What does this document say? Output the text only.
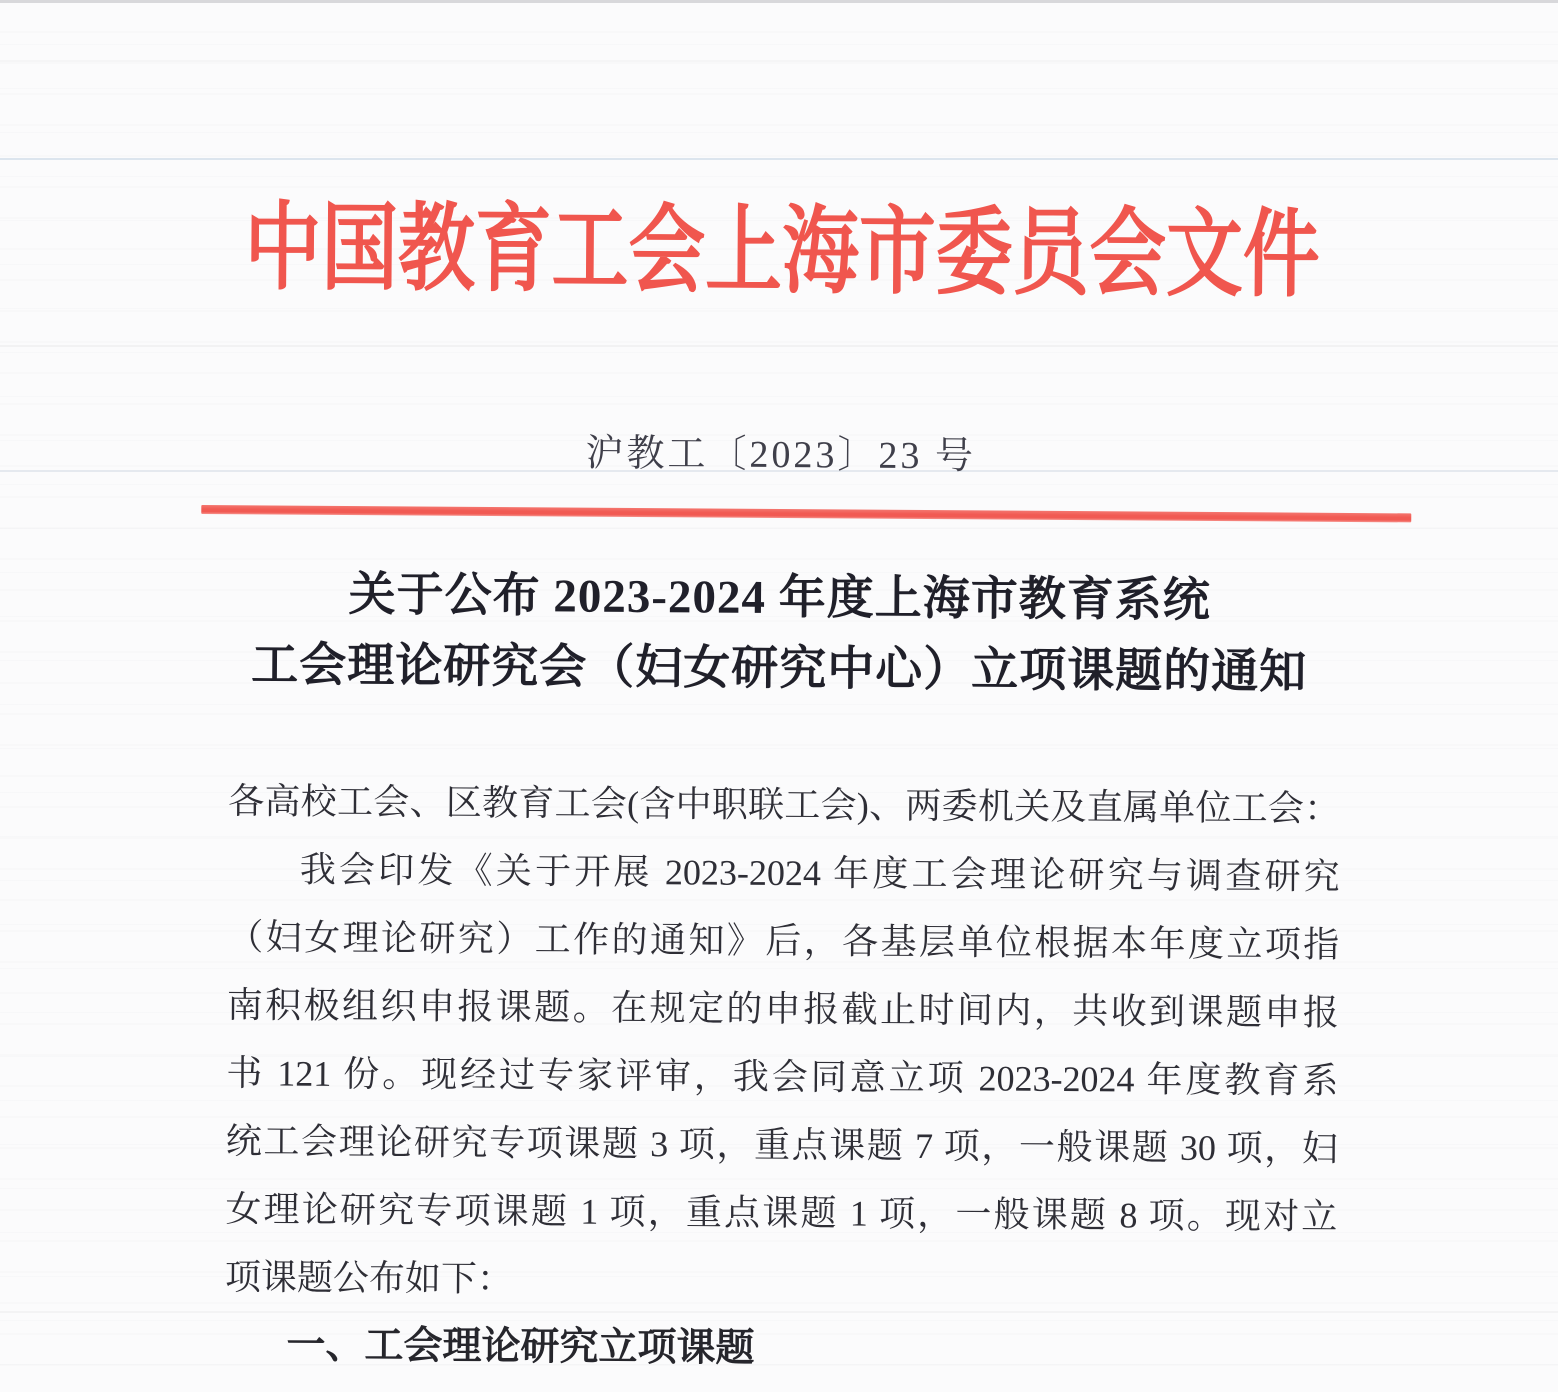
中国教育工会上海市委员会文件
沪教工〔2023〕23 号
关于公布 2023-2024 年度上海市教育系统
工会理论研究会（妇女研究中心）立项课题的通知
各高校工会、区教育工会(含中职联工会)、两委机关及直属单位工会：
我会印发《关于开展 2023-2024 年度工会理论研究与调查研究
（妇女理论研究）工作的通知》后，各基层单位根据本年度立项指
南积极组织申报课题。在规定的申报截止时间内，共收到课题申报
书 121 份。现经过专家评审，我会同意立项 2023-2024 年度教育系
统工会理论研究专项课题 3 项，重点课题 7 项，一般课题 30 项，妇
女理论研究专项课题 1 项，重点课题 1 项，一般课题 8 项。现对立
项课题公布如下：
一、工会理论研究立项课题
